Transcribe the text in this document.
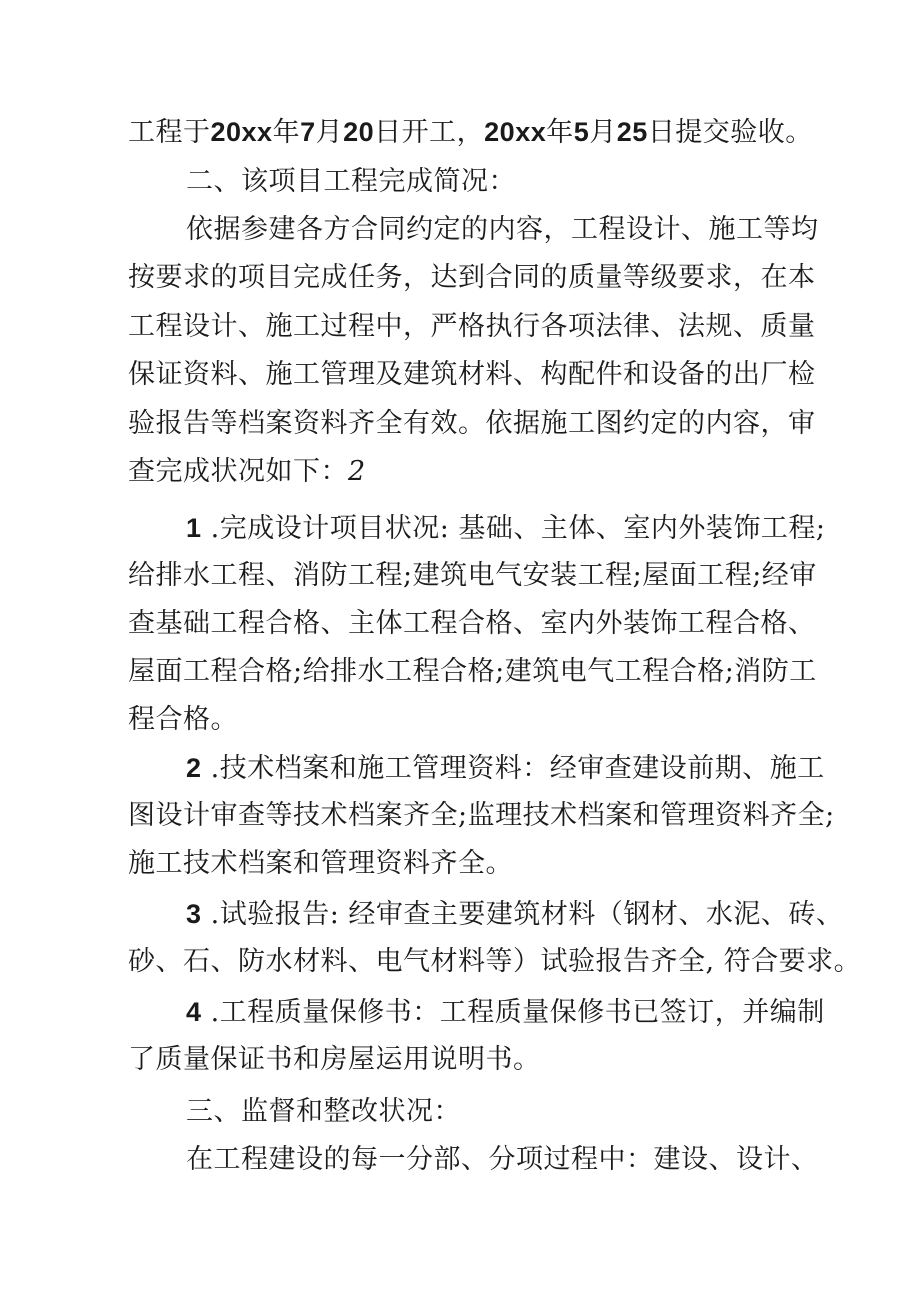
工程于20xx年7月20日开工，20xx年5月25日提交验收。
二、该项目工程完成简况：
依据参建各方合同约定的内容，工程设计、施工等均
按要求的项目完成任务，达到合同的质量等级要求，在本
工程设计、施工过程中，严格执行各项法律、法规、质量
保证资料、施工管理及建筑材料、构配件和设备的出厂检
验报告等档案资料齐全有效。依据施工图约定的内容，审
查完成状况如下：2
1 .完成设计项目状况: 基础、主体、室内外装饰工程;
给排水工程、消防工程;建筑电气安装工程;屋面工程;经审
查基础工程合格、主体工程合格、室内外装饰工程合格、
屋面工程合格;给排水工程合格;建筑电气工程合格;消防工
程合格。
2 .技术档案和施工管理资料：经审查建设前期、施工
图设计审查等技术档案齐全;监理技术档案和管理资料齐全;
施工技术档案和管理资料齐全。
3 .试验报告: 经审查主要建筑材料（钢材、水泥、砖、
砂、石、防水材料、电气材料等）试验报告齐全, 符合要求。
4 .工程质量保修书：工程质量保修书已签订，并编制
了质量保证书和房屋运用说明书。
三、监督和整改状况：
在工程建设的每一分部、分项过程中：建设、设计、
